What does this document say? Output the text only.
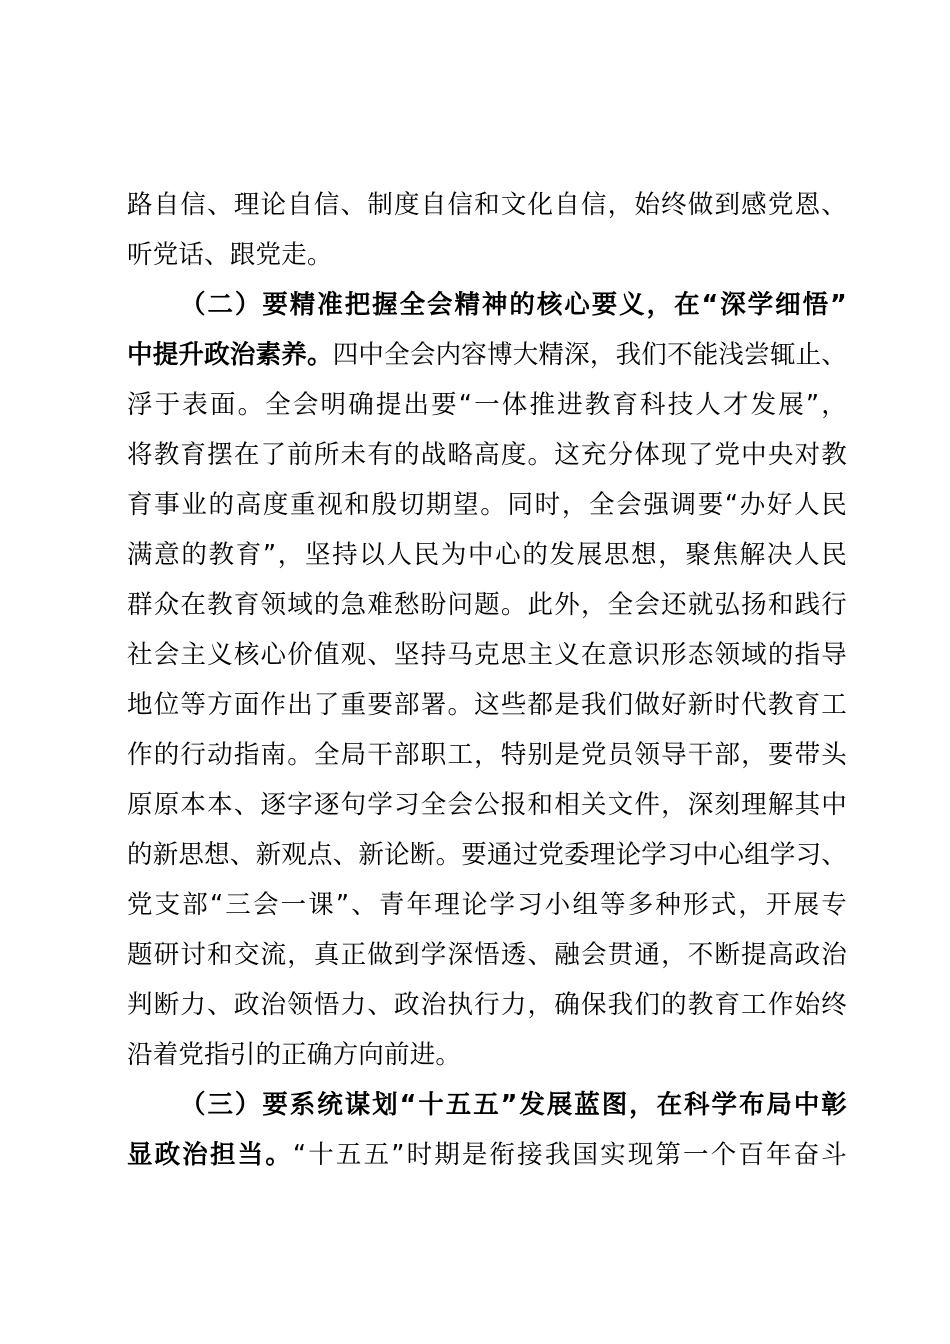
路自信、理论自信、制度自信和文化自信，始终做到感党恩、
听党话、跟党走。
（二）要精准把握全会精神的核心要义，在“深学细悟”
中提升政治素养。四中全会内容博大精深，我们不能浅尝辄止、
浮于表面。全会明确提出要“一体推进教育科技人才发展”，
将教育摆在了前所未有的战略高度。这充分体现了党中央对教
育事业的高度重视和殷切期望。同时，全会强调要“办好人民
满意的教育”，坚持以人民为中心的发展思想，聚焦解决人民
群众在教育领域的急难愁盼问题。此外，全会还就弘扬和践行
社会主义核心价值观、坚持马克思主义在意识形态领域的指导
地位等方面作出了重要部署。这些都是我们做好新时代教育工
作的行动指南。全局干部职工，特别是党员领导干部，要带头
原原本本、逐字逐句学习全会公报和相关文件，深刻理解其中
的新思想、新观点、新论断。要通过党委理论学习中心组学习、
党支部“三会一课”、青年理论学习小组等多种形式，开展专
题研讨和交流，真正做到学深悟透、融会贯通，不断提高政治
判断力、政治领悟力、政治执行力，确保我们的教育工作始终
沿着党指引的正确方向前进。
（三）要系统谋划“十五五”发展蓝图，在科学布局中彰
显政治担当。“十五五”时期是衔接我国实现第一个百年奋斗
